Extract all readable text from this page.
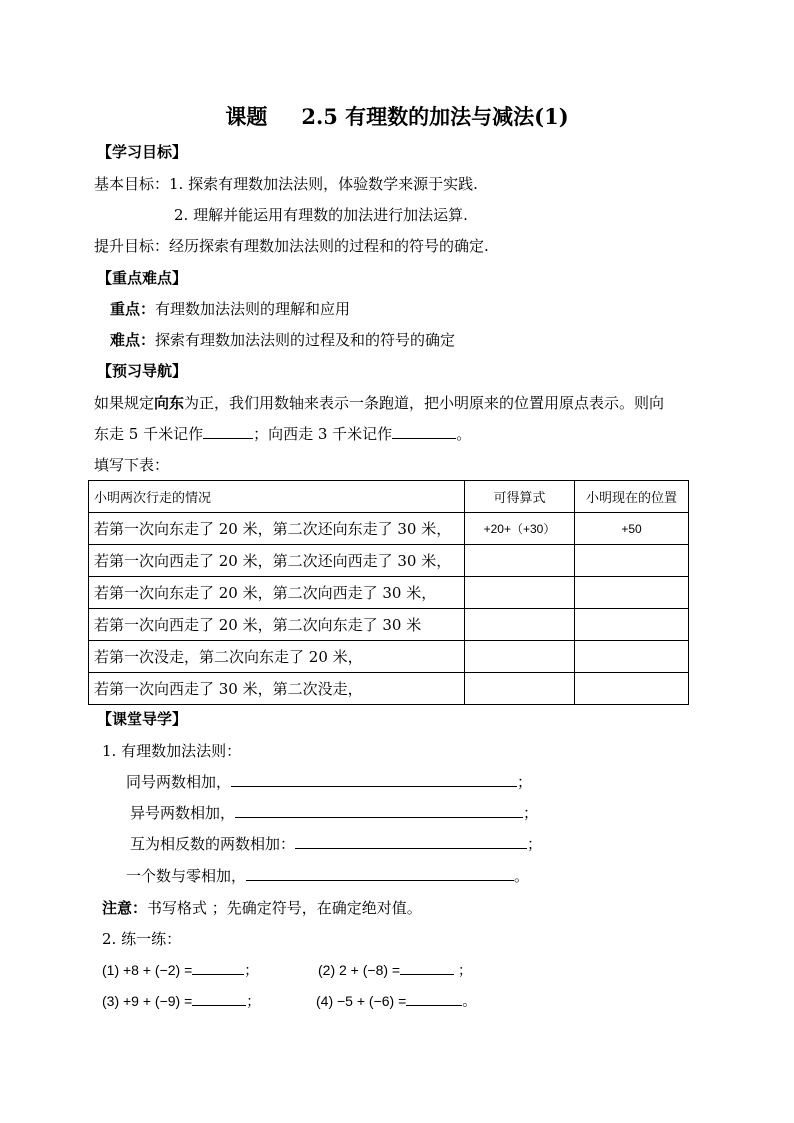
课题 2.5 有理数的加法与减法(1)
【学习目标】
基本目标：1. 探索有理数加法法则，体验数学来源于实践.
2. 理解并能运用有理数的加法进行加法运算.
提升目标：经历探索有理数加法法则的过程和的符号的确定.
【重点难点】
重点：有理数加法法则的理解和应用
难点：探索有理数加法法则的过程及和的符号的确定
【预习导航】
如果规定向东为正，我们用数轴来表示一条跑道，把小明原来的位置用原点表示。则向
东走 5 千米记作	；向西走 3 千米记作	。
填写下表：
小明两次行走的情况	可得算式	小明现在的位置
若第一次向东走了 20 米，第二次还向东走了 30 米，	+20+（+30）	+50
若第一次向西走了 20 米，第二次还向西走了 30 米，		
若第一次向东走了 20 米，第二次向西走了 30 米，		
若第一次向西走了 20 米，第二次向东走了 30 米		
若第一次没走，第二次向东走了 20 米，		
若第一次向西走了 30 米，第二次没走，		
【课堂导学】
1. 有理数加法法则：
同号两数相加，	；
异号两数相加，	；
互为相反数的两数相加：	；
一个数与零相加，	。
注意：书写格式 ；先确定符号，在确定绝对值。
2. 练一练：
(1) +8 + (−2) =	；	(2) 2 + (−8) =	；
(3) +9 + (−9) =	；	(4) −5 + (−6) =	。
